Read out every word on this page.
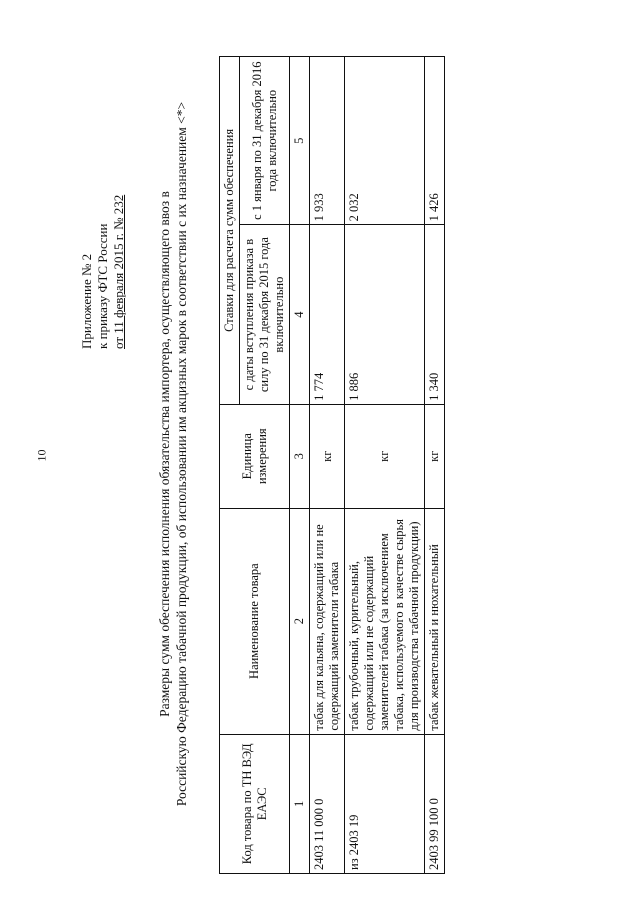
10
Приложение № 2 к приказу ФТС России от 11 февраля 2015 г. № 232 Размеры сумм обеспечения исполнения обязательства импортера, осуществляющего ввоз в Российскую Федерацию табачной продукции, об использовании им акцизных марок в соответствии с их назначением <*>	Код товара по ТН ВЭД ЕАЭС	Наименование товара	Единица измерения	Ставки для расчета сумм обеспечения	
			с даты вступления приказа в силу по 31 декабря 2015 года включительно	с 1 января по 31 декабря 2016 года включительно
1	2	3	4	5
2403 11 000 0	табак для кальяна, содержащий или не содержащий заменители табака	кг	1 774	1 933
из 2403 19	табак трубочный, курительный, содержащий или не содержащий заменителей табака (за исключением табака, используемого в качестве сырья для производства табачной продукции)	кг	1 886	2 032
2403 99 100 0	табак жевательный и нюхательный	кг	1 340	1 426
